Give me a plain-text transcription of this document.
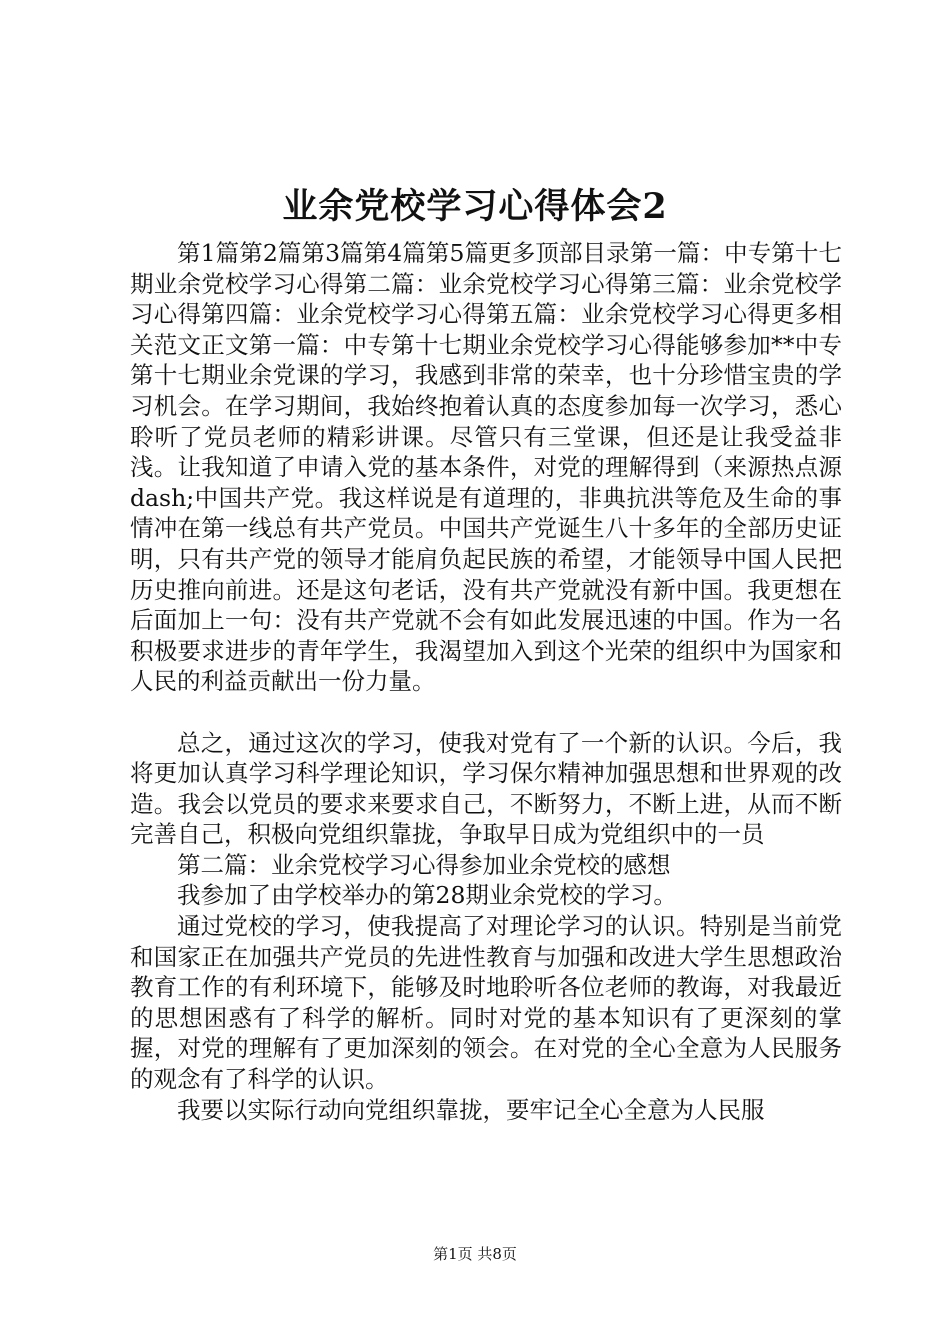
业余党校学习心得体会2

第1篇第2篇第3篇第4篇第5篇更多顶部目录第一篇：中专第十七期业余党校学习心得第二篇：业余党校学习心得第三篇：业余党校学习心得第四篇：业余党校学习心得第五篇：业余党校学习心得更多相关范文正文第一篇：中专第十七期业余党校学习心得能够参加**中专第十七期业余党课的学习，我感到非常的荣幸，也十分珍惜宝贵的学习机会。在学习期间，我始终抱着认真的态度参加每一次学习，悉心聆听了党员老师的精彩讲课。尽管只有三堂课，但还是让我受益非浅。让我知道了申请入党的基本条件，对党的理解得到（来源热点源dash;中国共产党。我这样说是有道理的，非典抗洪等危及生命的事情冲在第一线总有共产党员。中国共产党诞生八十多年的全部历史证明，只有共产党的领导才能肩负起民族的希望，才能领导中国人民把历史推向前进。还是这句老话，没有共产党就没有新中国。我更想在后面加上一句：没有共产党就不会有如此发展迅速的中国。作为一名积极要求进步的青年学生，我渴望加入到这个光荣的组织中为国家和人民的利益贡献出一份力量。

总之，通过这次的学习，使我对党有了一个新的认识。今后，我将更加认真学习科学理论知识，学习保尔精神加强思想和世界观的改造。我会以党员的要求来要求自己，不断努力，不断上进，从而不断完善自己，积极向党组织靠拢，争取早日成为党组织中的一员

第二篇：业余党校学习心得参加业余党校的感想

我参加了由学校举办的第28期业余党校的学习。

通过党校的学习，使我提高了对理论学习的认识。特别是当前党和国家正在加强共产党员的先进性教育与加强和改进大学生思想政治教育工作的有利环境下，能够及时地聆听各位老师的教诲，对我最近的思想困惑有了科学的解析。同时对党的基本知识有了更深刻的掌握，对党的理解有了更加深刻的领会。在对党的全心全意为人民服务的观念有了科学的认识。

我要以实际行动向党组织靠拢，要牢记全心全意为人民服

第1页 共8页
